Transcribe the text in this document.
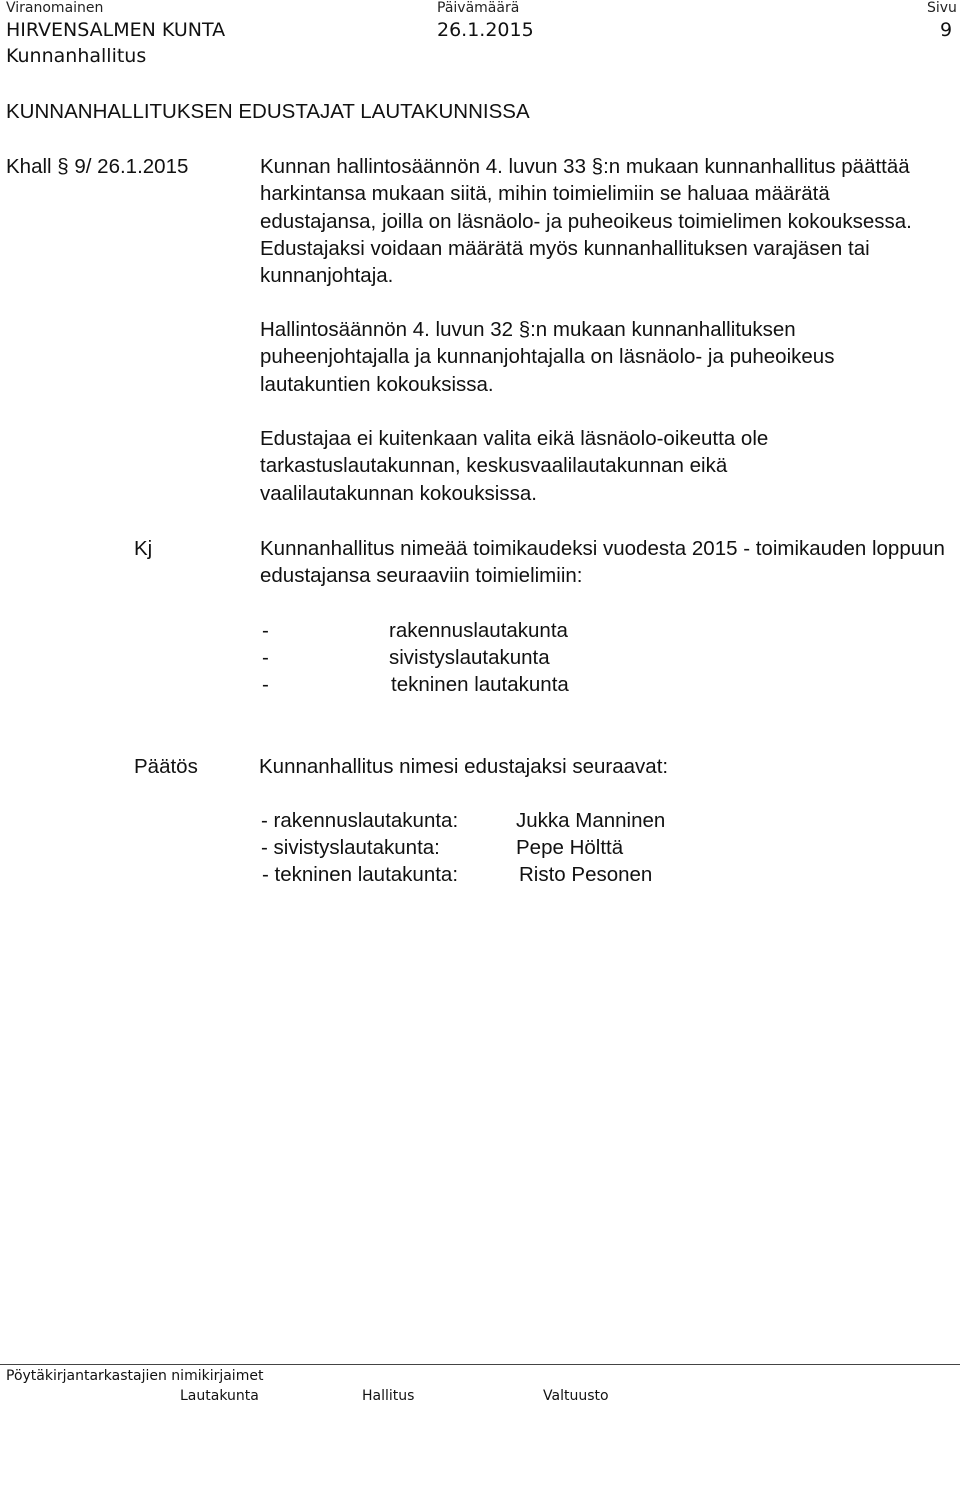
Viranomainen
HIRVENSALMEN KUNTA
Kunnanhallitus
Päivämäärä
26.1.2015
Sivu
9
KUNNANHALLITUKSEN EDUSTAJAT LAUTAKUNNISSA
Khall § 9/ 26.1.2015	Kunnan hallintosäännön 4. luvun 33 §:n mukaan kunnanhallitus päättää harkintansa mukaan siitä, mihin toimielimiin se haluaa määrätä edustajansa, joilla on läsnäolo- ja puheoikeus toimielimen kokouksessa. Edustajaksi voidaan määrätä myös kunnanhallituksen varajäsen tai kunnanjohtaja.
Hallintosäännön 4. luvun 32 §:n mukaan kunnanhallituksen puheenjohtajalla ja kunnanjohtajalla on läsnäolo- ja puheoikeus lautakuntien kokouksissa.
Edustajaa ei kuitenkaan valita eikä läsnäolo-oikeutta ole tarkastuslautakunnan, keskusvaalilautakunnan eikä vaalilautakunnan kokouksissa.
Kj	Kunnanhallitus nimeää toimikaudeksi vuodesta 2015 - toimikauden loppuun edustajansa seuraaviin toimielimiin:
-	rakennuslautakunta
-	sivistyslautakunta
-	tekninen lautakunta
Päätös	Kunnanhallitus nimesi edustajaksi seuraavat:
- rakennuslautakunta:	Jukka Manninen
- sivistyslautakunta:	Pepe Hölttä
- tekninen lautakunta:	Risto Pesonen
Pöytäkirjantarkastajien nimikirjaimet
Lautakunta	Hallitus	Valtuusto
